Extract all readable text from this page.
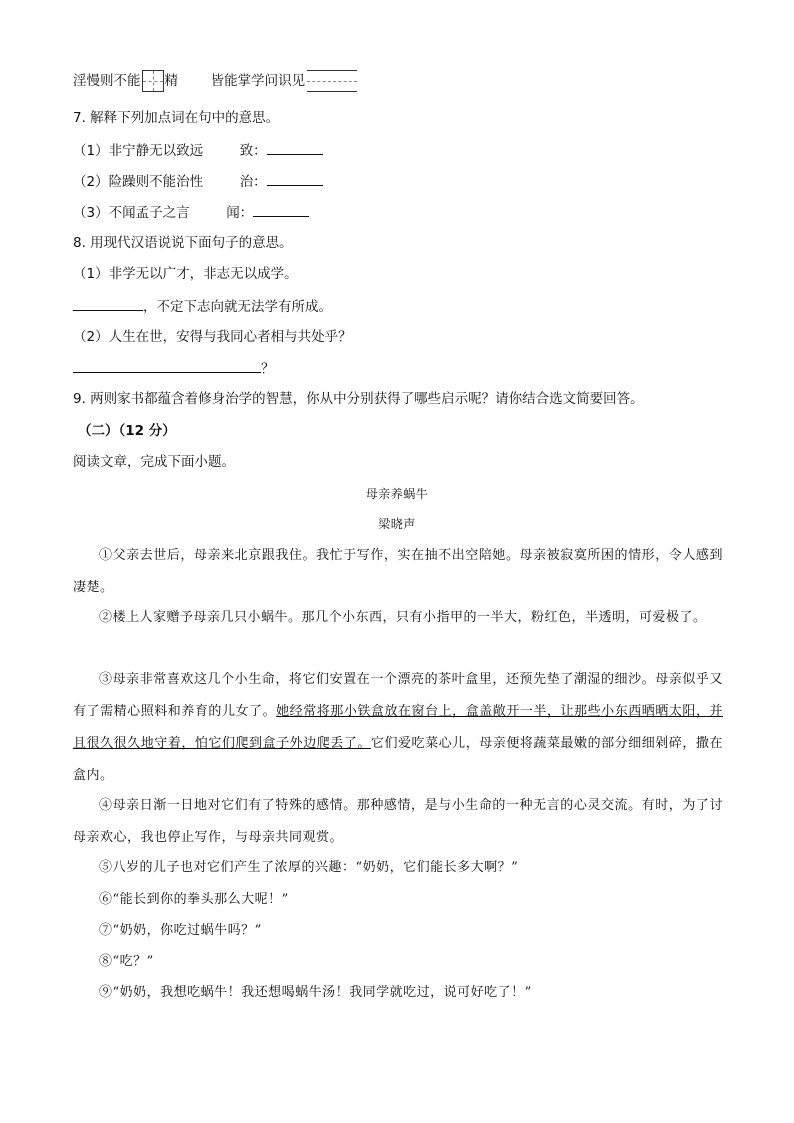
淫慢则不能 精 皆能掌学问识见
7. 解释下列加点词在句中的意思。
（1）非宁静无以致远	致：
（2）险躁则不能治性	治：
（3）不闻孟子之言	闻：
8. 用现代汉语说说下面句子的意思。
（1）非学无以广才，非志无以成学。
，不定下志向就无法学有所成。
（2）人生在世，安得与我同心者相与共处乎？
？
9. 两则家书都蕴含着修身治学的智慧，你从中分别获得了哪些启示呢？请你结合选文简要回答。
（二）（12 分）
阅读文章，完成下面小题。
母亲养蜗牛
梁晓声
①父亲去世后，母亲来北京跟我住。我忙于写作，实在抽不出空陪她。母亲被寂寞所困的情形，令人感到凄楚。
②楼上人家赠予母亲几只小蜗牛。那几个小东西，只有小指甲的一半大，粉红色，半透明，可爱极了。
③母亲非常喜欢这几个小生命，将它们安置在一个漂亮的茶叶盒里，还预先垫了潮湿的细沙。母亲似乎又有了需精心照料和养育的儿女了。她经常将那小铁盒放在窗台上，盒盖敞开一半，让那些小东西晒晒太阳，并且很久很久地守着，怕它们爬到盒子外边爬丢了。它们爱吃菜心儿，母亲便将蔬菜最嫩的部分细细剁碎，撒在盒内。
④母亲日渐一日地对它们有了特殊的感情。那种感情，是与小生命的一种无言的心灵交流。有时，为了讨母亲欢心，我也停止写作，与母亲共同观赏。
⑤八岁的儿子也对它们产生了浓厚的兴趣：“奶奶，它们能长多大啊？”
⑥“能长到你的拳头那么大呢！”
⑦“奶奶，你吃过蜗牛吗？”
⑧“吃？”
⑨“奶奶，我想吃蜗牛！我还想喝蜗牛汤！我同学就吃过，说可好吃了！”
